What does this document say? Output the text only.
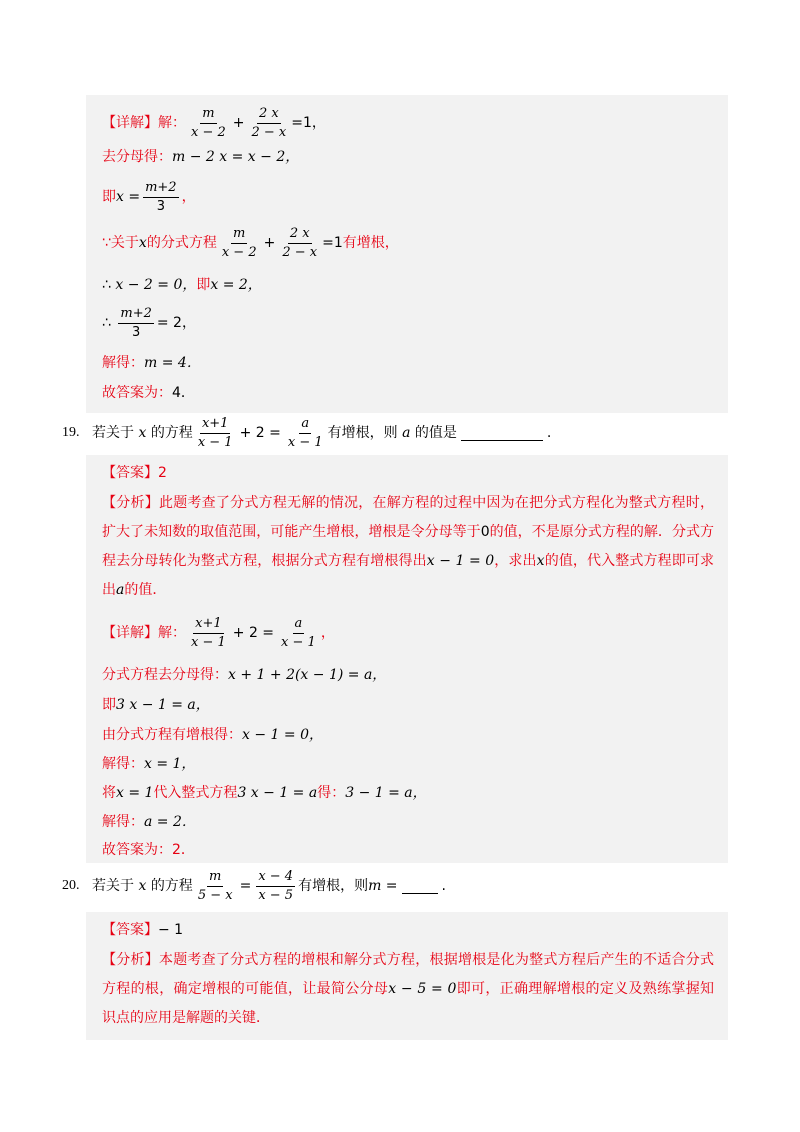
【详解】 解： $\frac{m}{x - 2} + \frac{2 x}{2 - x} =1$，
去分母得： m − 2 x = x − 2，
即 $x = \frac{m+2}{3}$ ，
∵关于 x 的分式方程 $\frac{m}{x - 2} + \frac{2 x}{2 - x} =1$ 有增根，
∴
x − 2 = 0， 即 x = 2，
∴
$\frac{m+2}{3} = 2$，
解得： m = 4．
故答案为： 4．
19. 若关于
x
的方程 $\frac{x+1}{x - 1} + 2 = \frac{a}{x - 1}$ 有增根，则
a
的值是	.
【答案】 2
【分析】此题考查了分式方程无解的情况，在解方程的过程中因为在把分式方程化为整式方程时，扩大了未知数的取值范围，可能产生增根，增根是令分母等于0的值，不是原分式方程的解．分式方程去分母转化为整式方程，根据分式方程有增根得出x − 1 = 0，求出x的值，代入整式方程即可求出a的值．
【详解】 解： $\frac{x+1}{x - 1} + 2 = \frac{a}{x - 1}$ ，
分式方程去分母得： x + 1 + 2(x − 1) = a，
即 3 x − 1 = a，
由分式方程有增根得： x − 1 = 0，
解得： x = 1，
将 x = 1 代入整式方程 3 x − 1 = a 得： 3 − 1 = a，
解得： a = 2．
故答案为： 2．
20. 若关于
x
的方程 $\frac{m}{5 - x} = \frac{x - 4}{x - 5}$ 有增根，则 m =	.
【答案】 − 1
【分析】本题考查了分式方程的增根和解分式方程，根据增根是化为整式方程后产生的不适合分式方程的根，确定增根的可能值，让最简公分母x − 5 = 0即可，正确理解增根的定义及熟练掌握知识点的应用是解题的关键．
